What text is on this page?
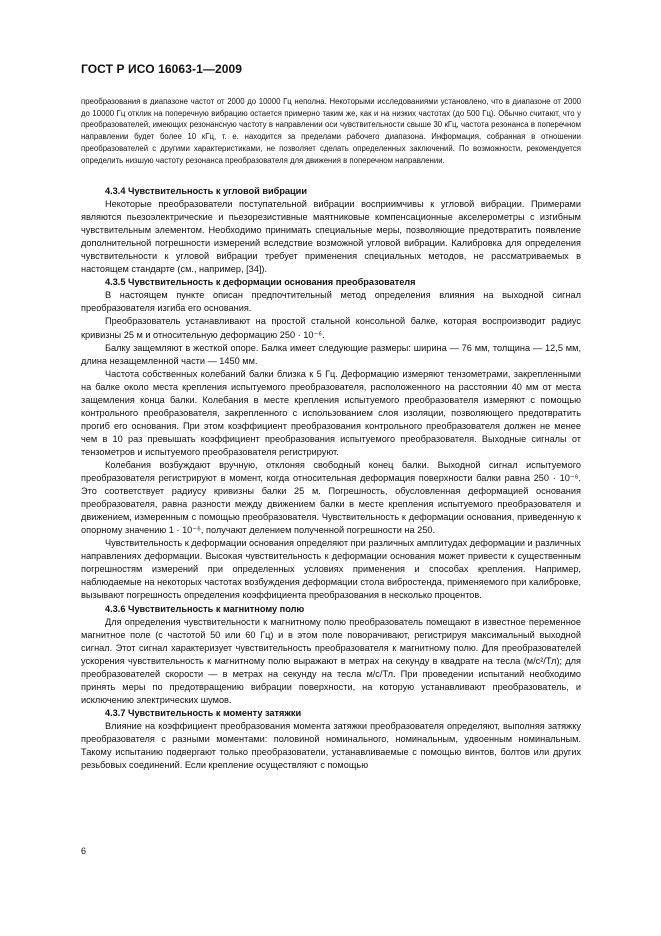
ГОСТ Р ИСО 16063-1—2009

преобразования в диапазоне частот от 2000 до 10000 Гц неполна. Некоторыми исследованиями установлено, что в диапазоне от 2000 до 10000 Гц отклик на поперечную вибрацию остается примерно таким же, как и на низких частотах (до 500 Гц). Обычно считают, что у преобразователей, имеющих резонансную частоту в направлении оси чувствительности свыше 30 кГц, частота резонанса в поперечном направлении будет более 10 кГц, т. е. находится за пределами рабочего диапазона. Информация, собранная в отношении преобразователей с другими характеристиками, не позволяет сделать определенных заключений. По возможности, рекомендуется определить низшую частоту резонанса преобразователя для движения в поперечном направлении.

4.3.4 Чувствительность к угловой вибрации

Некоторые преобразователи поступательной вибрации восприимчивы к угловой вибрации. Примерами являются пьезоэлектрические и пьезорезистивные маятниковые компенсационные акселерометры с изгибным чувствительным элементом. Необходимо принимать специальные меры, позволяющие предотвратить появление дополнительной погрешности измерений вследствие возможной угловой вибрации. Калибровка для определения чувствительности к угловой вибрации требует применения специальных методов, не рассматриваемых в настоящем стандарте (см., например, [34]).

4.3.5 Чувствительность к деформации основания преобразователя

В настоящем пункте описан предпочтительный метод определения влияния на выходной сигнал преобразователя изгиба его основания.

Преобразователь устанавливают на простой стальной консольной балке, которая воспроизводит радиус кривизны 25 м и относительную деформацию 250 · 10⁻⁶.

Балку защемляют в жесткой опоре. Балка имеет следующие размеры: ширина — 76 мм, толщина — 12,5 мм, длина незащемленной части — 1450 мм.

Частота собственных колебаний балки близка к 5 Гц. Деформацию измеряют тензометрами, закрепленными на балке около места крепления испытуемого преобразователя, расположенного на расстоянии 40 мм от места защемления конца балки. Колебания в месте крепления испытуемого преобразователя измеряют с помощью контрольного преобразователя, закрепленного с использованием слоя изоляции, позволяющего предотвратить прогиб его основания. При этом коэффициент преобразования контрольного преобразователя должен не менее чем в 10 раз превышать коэффициент преобразования испытуемого преобразователя. Выходные сигналы от тензометров и испытуемого преобразователя регистрируют.

Колебания возбуждают вручную, отклоняя свободный конец балки. Выходной сигнал испытуемого преобразователя регистрируют в момент, когда относительная деформация поверхности балки равна 250 · 10⁻⁶. Это соответствует радиусу кривизны балки 25 м. Погрешность, обусловленная деформацией основания преобразователя, равна разности между движением балки в месте крепления испытуемого преобразователя и движением, измеренным с помощью преобразователя. Чувствительность к деформации основания, приведенную к опорному значению 1 · 10⁻⁶, получают делением полученной погрешности на 250.

Чувствительность к деформации основания определяют при различных амплитудах деформации и различных направлениях деформации. Высокая чувствительность к деформации основания может привести к существенным погрешностям измерений при определенных условиях применения и способах крепления. Например, наблюдаемые на некоторых частотах возбуждения деформации стола вибростенда, применяемого при калибровке, вызывают погрешность определения коэффициента преобразования в несколько процентов.

4.3.6 Чувствительность к магнитному полю

Для определения чувствительности к магнитному полю преобразователь помещают в известное переменное магнитное поле (с частотой 50 или 60 Гц) и в этом поле поворачивают, регистрируя максимальный выходной сигнал. Этот сигнал характеризует чувствительность преобразователя к магнитному полю. Для преобразователей ускорения чувствительность к магнитному полю выражают в метрах на секунду в квадрате на тесла (м/с²/Тл); для преобразователей скорости — в метрах на секунду на тесла м/с/Тл. При проведении испытаний необходимо принять меры по предотвращению вибрации поверхности, на которую устанавливают преобразователь, и исключению электрических шумов.

4.3.7 Чувствительность к моменту затяжки

Влияние на коэффициент преобразования момента затяжки преобразователя определяют, выполняя затяжку преобразователя с разными моментами: половиной номинального, номинальным, удвоенным номинальным. Такому испытанию подвергают только преобразователи, устанавливаемые с помощью винтов, болтов или других резьбовых соединений. Если крепление осуществляют с помощью

6
